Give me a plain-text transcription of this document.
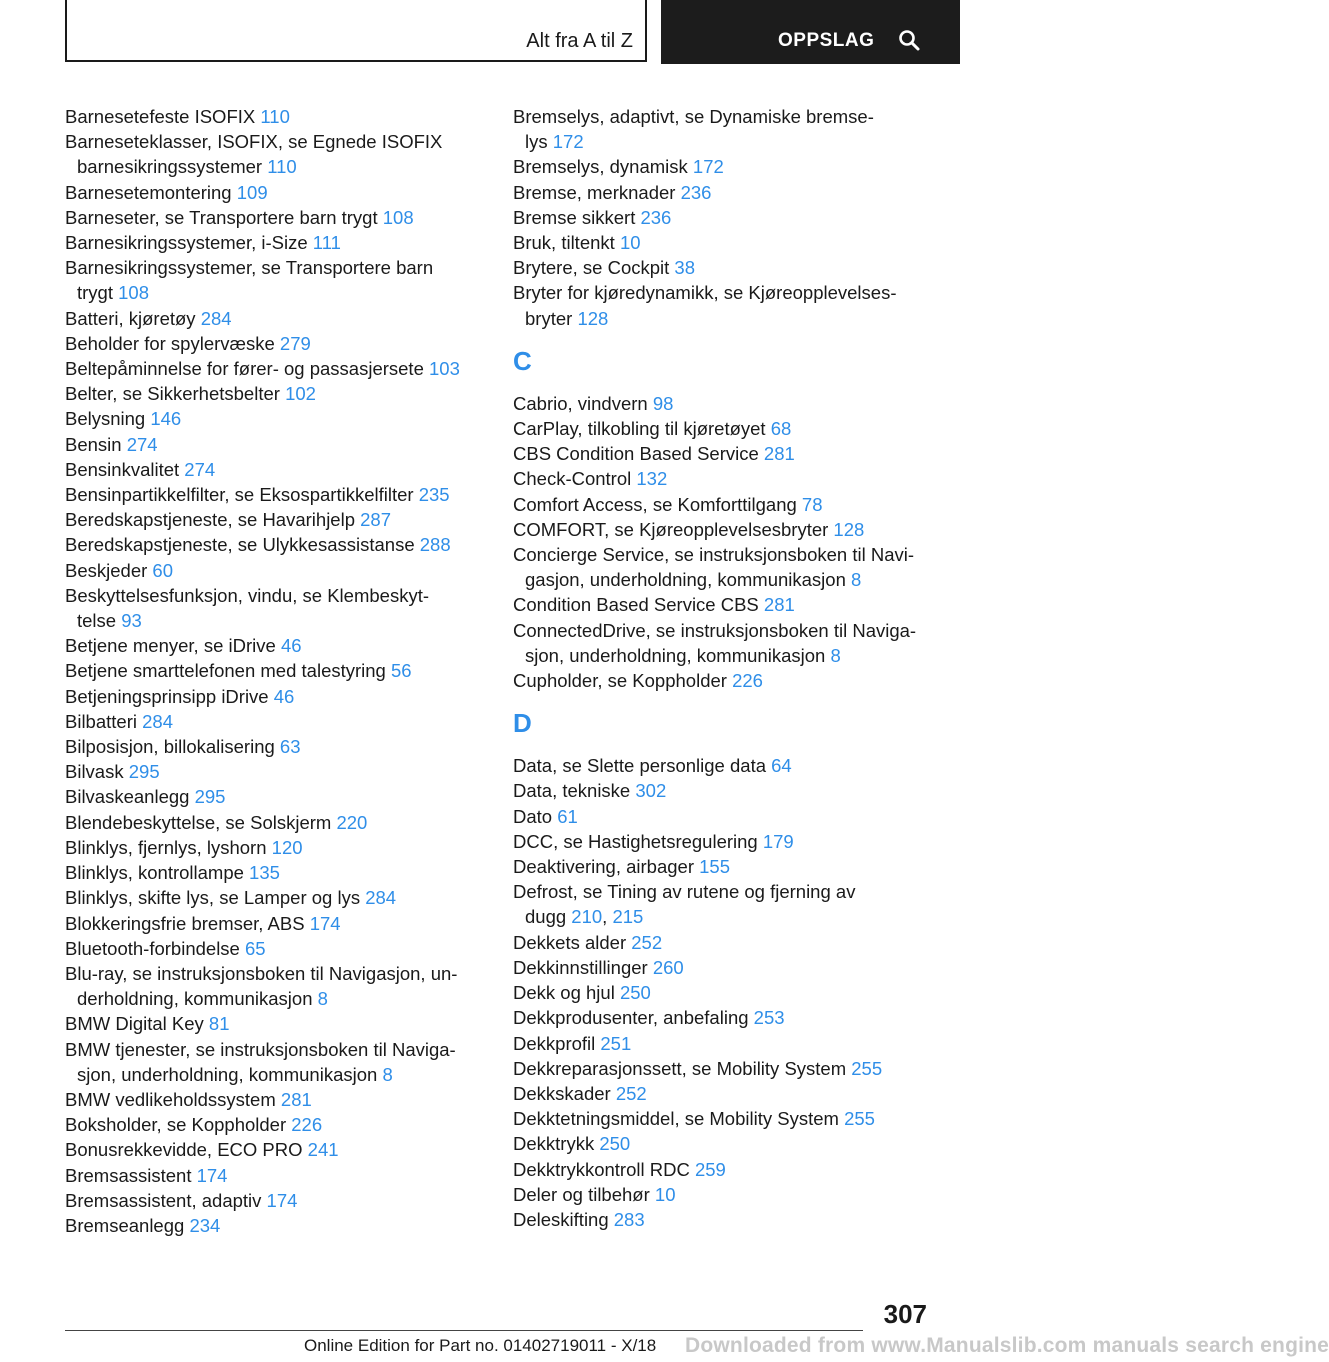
Alt fra A til Z	OPPSLAG
Barnesetefeste ISOFIX 110
Barneseteklasser, ISOFIX, se Egnede ISOFIX
barnesikringssystemer 110
Barnesetemontering 109
Barneseter, se Transportere barn trygt 108
Barnesikringssystemer, i-Size 111
Barnesikringssystemer, se Transportere barn
trygt 108
Batteri, kjøretøy 284
Beholder for spylervæske 279
Beltepåminnelse for fører- og passasjersete 103
Belter, se Sikkerhetsbelter 102
Belysning 146
Bensin 274
Bensinkvalitet 274
Bensinpartikkelfilter, se Eksospartikkelfilter 235
Beredskapstjeneste, se Havarihjelp 287
Beredskapstjeneste, se Ulykkesassistanse 288
Beskjeder 60
Beskyttelsesfunksjon, vindu, se Klembeskyt-
telse 93
Betjene menyer, se iDrive 46
Betjene smarttelefonen med talestyring 56
Betjeningsprinsipp iDrive 46
Bilbatteri 284
Bilposisjon, billokalisering 63
Bilvask 295
Bilvaskeanlegg 295
Blendebeskyttelse, se Solskjerm 220
Blinklys, fjernlys, lyshorn 120
Blinklys, kontrollampe 135
Blinklys, skifte lys, se Lamper og lys 284
Blokkeringsfrie bremser, ABS 174
Bluetooth-forbindelse 65
Blu-ray, se instruksjonsboken til Navigasjon, un-
derholdning, kommunikasjon 8
BMW Digital Key 81
BMW tjenester, se instruksjonsboken til Naviga-
sjon, underholdning, kommunikasjon 8
BMW vedlikeholdssystem 281
Boksholder, se Koppholder 226
Bonusrekkevidde, ECO PRO 241
Bremsassistent 174
Bremsassistent, adaptiv 174
Bremseanlegg 234
Bremselys, adaptivt, se Dynamiske bremse-
lys 172
Bremselys, dynamisk 172
Bremse, merknader 236
Bremse sikkert 236
Bruk, tiltenkt 10
Brytere, se Cockpit 38
Bryter for kjøredynamikk, se Kjøreopplevelses-
bryter 128
C
Cabrio, vindvern 98
CarPlay, tilkobling til kjøretøyet 68
CBS Condition Based Service 281
Check-Control 132
Comfort Access, se Komforttilgang 78
COMFORT, se Kjøreopplevelsesbryter 128
Concierge Service, se instruksjonsboken til Navi-
gasjon, underholdning, kommunikasjon 8
Condition Based Service CBS 281
ConnectedDrive, se instruksjonsboken til Naviga-
sjon, underholdning, kommunikasjon 8
Cupholder, se Koppholder 226
D
Data, se Slette personlige data 64
Data, tekniske 302
Dato 61
DCC, se Hastighetsregulering 179
Deaktivering, airbager 155
Defrost, se Tining av rutene og fjerning av
dugg 210, 215
Dekkets alder 252
Dekkinnstillinger 260
Dekk og hjul 250
Dekkprodusenter, anbefaling 253
Dekkprofil 251
Dekkreparasjonssett, se Mobility System 255
Dekkskader 252
Dekktetningsmiddel, se Mobility System 255
Dekktrykk 250
Dekktrykkontroll RDC 259
Deler og tilbehør 10
Deleskifting 283
307
Online Edition for Part no. 01402719011 - X/18 Downloaded from www.Manualslib.com manuals search engine
